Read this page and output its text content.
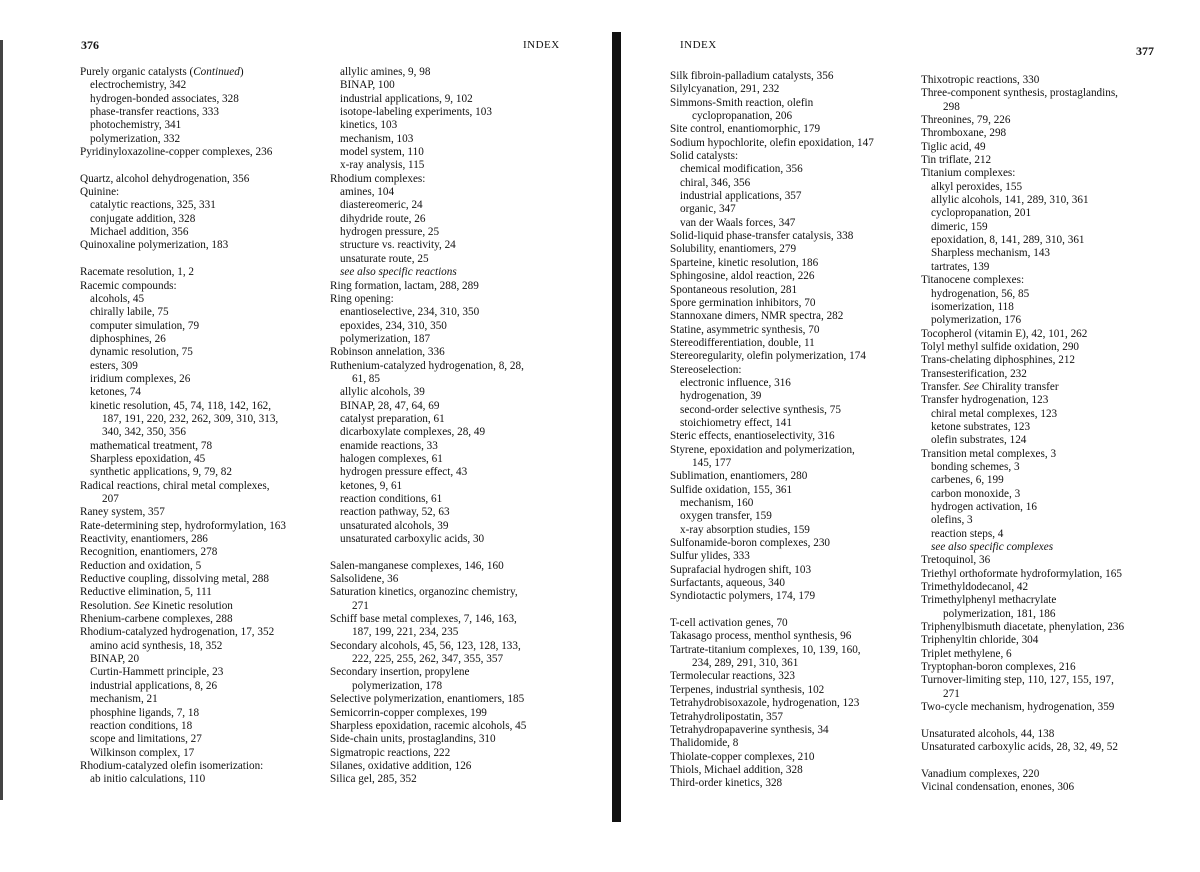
376	INDEX
Purely organic catalysts (Continued)
electrochemistry, 342
hydrogen-bonded associates, 328
phase-transfer reactions, 333
photochemistry, 341
polymerization, 332
Pyridinyloxazoline-copper complexes, 236
Quartz, alcohol dehydrogenation, 356
Quinine:
catalytic reactions, 325, 331
conjugate addition, 328
Michael addition, 356
Quinoxaline polymerization, 183
Racemate resolution, 1, 2
Racemic compounds:
alcohols, 45
chirally labile, 75
computer simulation, 79
diphosphines, 26
dynamic resolution, 75
esters, 309
iridium complexes, 26
ketones, 74
kinetic resolution, 45, 74, 118, 142, 162,
187, 191, 220, 232, 262, 309, 310, 313,
340, 342, 350, 356
mathematical treatment, 78
Sharpless epoxidation, 45
synthetic applications, 9, 79, 82
Radical reactions, chiral metal complexes,
207
Raney system, 357
Rate-determining step, hydroformylation, 163
Reactivity, enantiomers, 286
Recognition, enantiomers, 278
Reduction and oxidation, 5
Reductive coupling, dissolving metal, 288
Reductive elimination, 5, 111
Resolution. See Kinetic resolution
Rhenium-carbene complexes, 288
Rhodium-catalyzed hydrogenation, 17, 352
amino acid synthesis, 18, 352
BINAP, 20
Curtin-Hammett principle, 23
industrial applications, 8, 26
mechanism, 21
phosphine ligands, 7, 18
reaction conditions, 18
scope and limitations, 27
Wilkinson complex, 17
Rhodium-catalyzed olefin isomerization:
ab initio calculations, 110
allylic amines, 9, 98
BINAP, 100
industrial applications, 9, 102
isotope-labeling experiments, 103
kinetics, 103
mechanism, 103
model system, 110
x-ray analysis, 115
Rhodium complexes:
amines, 104
diastereomeric, 24
dihydride route, 26
hydrogen pressure, 25
structure vs. reactivity, 24
unsaturate route, 25
see also specific reactions
Ring formation, lactam, 288, 289
Ring opening:
enantioselective, 234, 310, 350
epoxides, 234, 310, 350
polymerization, 187
Robinson annelation, 336
Ruthenium-catalyzed hydrogenation, 8, 28,
61, 85
allylic alcohols, 39
BINAP, 28, 47, 64, 69
catalyst preparation, 61
dicarboxylate complexes, 28, 49
enamide reactions, 33
halogen complexes, 61
hydrogen pressure effect, 43
ketones, 9, 61
reaction conditions, 61
reaction pathway, 52, 63
unsaturated alcohols, 39
unsaturated carboxylic acids, 30
Salen-manganese complexes, 146, 160
Salsolidene, 36
Saturation kinetics, organozinc chemistry,
271
Schiff base metal complexes, 7, 146, 163,
187, 199, 221, 234, 235
Secondary alcohols, 45, 56, 123, 128, 133,
222, 225, 255, 262, 347, 355, 357
Secondary insertion, propylene
polymerization, 178
Selective polymerization, enantiomers, 185
Semicorrin-copper complexes, 199
Sharpless epoxidation, racemic alcohols, 45
Side-chain units, prostaglandins, 310
Sigmatropic reactions, 222
Silanes, oxidative addition, 126
Silica gel, 285, 352
INDEX	377
Silk fibroin-palladium catalysts, 356
Silylcyanation, 291, 232
Simmons-Smith reaction, olefin
cyclopropanation, 206
Site control, enantiomorphic, 179
Sodium hypochlorite, olefin epoxidation, 147
Solid catalysts:
chemical modification, 356
chiral, 346, 356
industrial applications, 357
organic, 347
van der Waals forces, 347
Solid-liquid phase-transfer catalysis, 338
Solubility, enantiomers, 279
Sparteine, kinetic resolution, 186
Sphingosine, aldol reaction, 226
Spontaneous resolution, 281
Spore germination inhibitors, 70
Stannoxane dimers, NMR spectra, 282
Statine, asymmetric synthesis, 70
Stereodifferentiation, double, 11
Stereoregularity, olefin polymerization, 174
Stereoselection:
electronic influence, 316
hydrogenation, 39
second-order selective synthesis, 75
stoichiometry effect, 141
Steric effects, enantioselectivity, 316
Styrene, epoxidation and polymerization,
145, 177
Sublimation, enantiomers, 280
Sulfide oxidation, 155, 361
mechanism, 160
oxygen transfer, 159
x-ray absorption studies, 159
Sulfonamide-boron complexes, 230
Sulfur ylides, 333
Suprafacial hydrogen shift, 103
Surfactants, aqueous, 340
Syndiotactic polymers, 174, 179
T-cell activation genes, 70
Takasago process, menthol synthesis, 96
Tartrate-titanium complexes, 10, 139, 160,
234, 289, 291, 310, 361
Termolecular reactions, 323
Terpenes, industrial synthesis, 102
Tetrahydrobisoxazole, hydrogenation, 123
Tetrahydrolipostatin, 357
Tetrahydropapaverine synthesis, 34
Thalidomide, 8
Thiolate-copper complexes, 210
Thiols, Michael addition, 328
Third-order kinetics, 328
Thixotropic reactions, 330
Three-component synthesis, prostaglandins,
298
Threonines, 79, 226
Thromboxane, 298
Tiglic acid, 49
Tin triflate, 212
Titanium complexes:
alkyl peroxides, 155
allylic alcohols, 141, 289, 310, 361
cyclopropanation, 201
dimeric, 159
epoxidation, 8, 141, 289, 310, 361
Sharpless mechanism, 143
tartrates, 139
Titanocene complexes:
hydrogenation, 56, 85
isomerization, 118
polymerization, 176
Tocopherol (vitamin E), 42, 101, 262
Tolyl methyl sulfide oxidation, 290
Trans-chelating diphosphines, 212
Transesterification, 232
Transfer. See Chirality transfer
Transfer hydrogenation, 123
chiral metal complexes, 123
ketone substrates, 123
olefin substrates, 124
Transition metal complexes, 3
bonding schemes, 3
carbenes, 6, 199
carbon monoxide, 3
hydrogen activation, 16
olefins, 3
reaction steps, 4
see also specific complexes
Tretoquinol, 36
Triethyl orthoformate hydroformylation, 165
Trimethyldodecanol, 42
Trimethylphenyl methacrylate
polymerization, 181, 186
Triphenylbismuth diacetate, phenylation, 236
Triphenyltin chloride, 304
Triplet methylene, 6
Tryptophan-boron complexes, 216
Turnover-limiting step, 110, 127, 155, 197,
271
Two-cycle mechanism, hydrogenation, 359
Unsaturated alcohols, 44, 138
Unsaturated carboxylic acids, 28, 32, 49, 52
Vanadium complexes, 220
Vicinal condensation, enones, 306
